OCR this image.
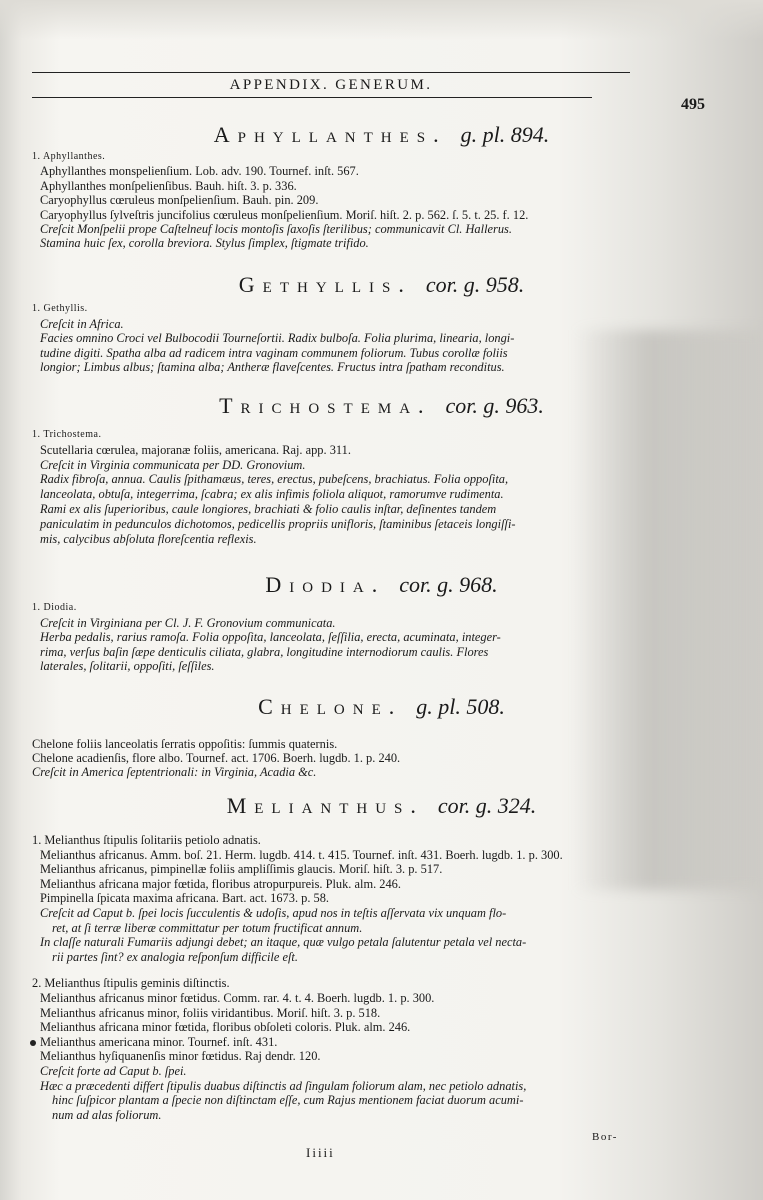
APPENDIX. GENERUM.
495
Aphyllanthes. g. pl. 894.
1. Aphyllanthes.
Aphyllanthes monspelienſium. Lob. adv. 190. Tournef. inſt. 567.
Aphyllanthes monſpelienſibus. Bauh. hiſt. 3. p. 336.
Caryophyllus cœruleus monſpelienſium. Bauh. pin. 209.
Caryophyllus ſylveſtris juncifolius cœruleus monſpelienſium. Moriſ. hiſt. 2. p. 562. ſ. 5. t. 25. f. 12.
Creſcit Monſpelii prope Caſtelneuf locis montoſis ſaxoſis ſterilibus; communicavit Cl. Hallerus.
Stamina huic ſex, corolla breviora. Stylus ſimplex, ſtigmate trifido.
Gethyllis. cor. g. 958.
1. Gethyllis.
Creſcit in Africa.
Facies omnino Croci vel Bulbocodii Tourneſortii. Radix bulboſa. Folia plurima, linearia, longi-
tudine digiti. Spatha alba ad radicem intra vaginam communem foliorum. Tubus corollæ foliis
longior; Limbus albus; ſtamina alba; Antheræ flaveſcentes. Fructus intra ſpatham reconditus.
Trichostema. cor. g. 963.
1. Trichostema.
Scutellaria cœrulea, majoranæ foliis, americana. Raj. app. 311.
Creſcit in Virginia communicata per DD. Gronovium.
Radix fibroſa, annua. Caulis ſpithamæus, teres, erectus, pubeſcens, brachiatus. Folia oppoſita,
lanceolata, obtuſa, integerrima, ſcabra; ex alis infimis foliola aliquot, ramorumve rudimenta.
Rami ex alis ſuperioribus, caule longiores, brachiati & folio caulis inſtar, deſinentes tandem
paniculatim in pedunculos dichotomos, pedicellis propriis unifloris, ſtaminibus ſetaceis longiſſi-
mis, calycibus abſoluta floreſcentia reflexis.
Diodia. cor. g. 968.
1. Diodia.
Creſcit in Virginiana per Cl. J. F. Gronovium communicata.
Herba pedalis, rarius ramoſa. Folia oppoſita, lanceolata, ſeſſilia, erecta, acuminata, integer-
rima, verſus baſin ſæpe denticulis ciliata, glabra, longitudine internodiorum caulis. Flores
laterales, ſolitarii, oppoſiti, ſeſſiles.
Chelone. g. pl. 508.
Chelone foliis lanceolatis ſerratis oppoſitis: ſummis quaternis.
Chelone acadienſis, flore albo. Tournef. act. 1706. Boerh. lugdb. 1. p. 240.
Creſcit in America ſeptentrionali: in Virginia, Acadia &c.
Melianthus. cor. g. 324.
1. Melianthus ſtipulis ſolitariis petiolo adnatis.
Melianthus africanus. Amm. boſ. 21. Herm. lugdb. 414. t. 415. Tournef. inſt. 431. Boerh. lugdb. 1. p. 300.
Melianthus africanus, pimpinellæ foliis ampliſſimis glaucis. Moriſ. hiſt. 3. p. 517.
Melianthus africana major fœtida, floribus atropurpureis. Pluk. alm. 246.
Pimpinella ſpicata maxima africana. Bart. act. 1673. p. 58.
Creſcit ad Caput b. ſpei locis ſucculentis & udoſis, apud nos in teſtis aſſervata vix unquam flo-
ret, at ſi terræ liberæ committatur per totum fructificat annum.
In claſſe naturali Fumariis adjungi debet; an itaque, quæ vulgo petala ſalutentur petala vel necta-
rii partes ſint? ex analogia reſponſum difficile eſt.
2. Melianthus ſtipulis geminis diſtinctis.
Melianthus africanus minor fœtidus. Comm. rar. 4. t. 4. Boerh. lugdb. 1. p. 300.
Melianthus africanus minor, foliis viridantibus. Moriſ. hiſt. 3. p. 518.
Melianthus africana minor fœtida, floribus obſoleti coloris. Pluk. alm. 246.
Melianthus americana minor. Tournef. inſt. 431.
Melianthus hyſiquanenſis minor fœtidus. Raj dendr. 120.
Creſcit forte ad Caput b. ſpei.
Hæc a præcedenti differt ſtipulis duabus diſtinctis ad ſingulam foliorum alam, nec petiolo adnatis,
hinc ſuſpicor plantam a ſpecie non diſtinctam eſſe, cum Rajus mentionem faciat duorum acumi-
num ad alas foliorum.
Iiiii
Bor-
